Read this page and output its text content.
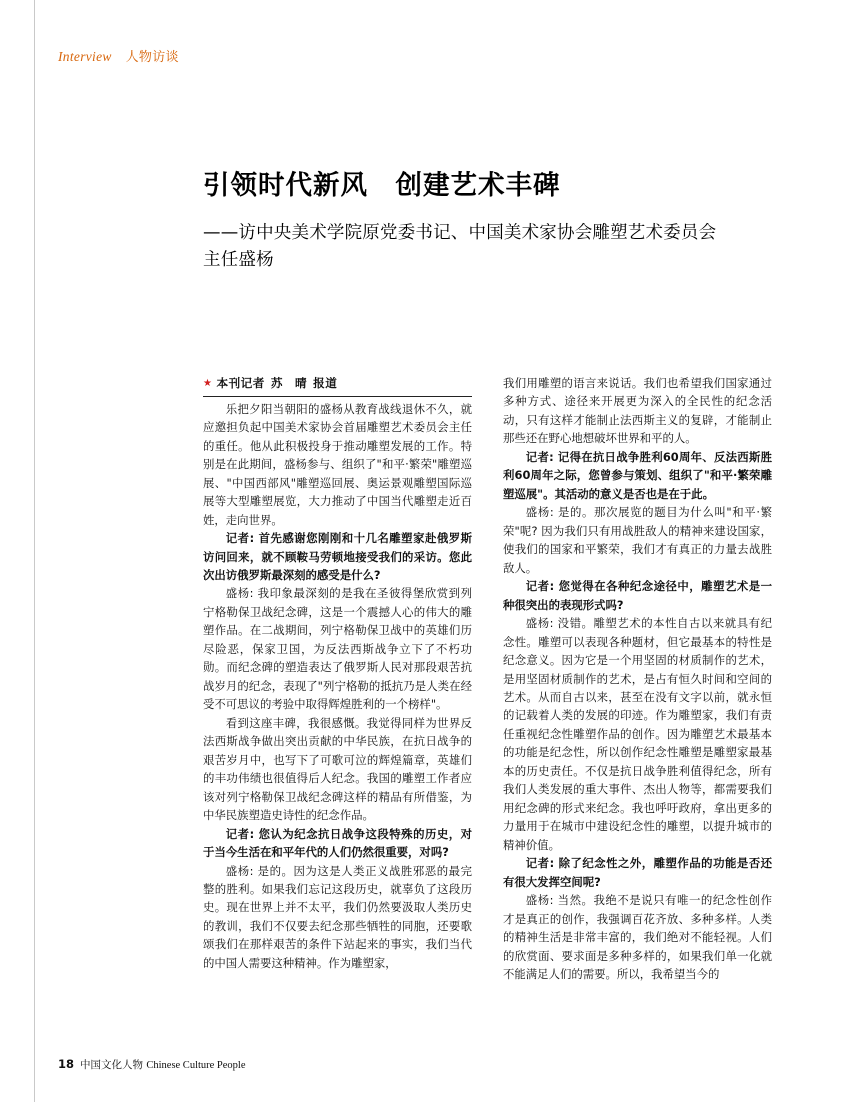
Interview 人物访谈
引领时代新风　创建艺术丰碑
——访中央美术学院原党委书记、中国美术家协会雕塑艺术委员会主任盛杨
★ 本刊记者 苏　晴 报道

乐把夕阳当朝阳的盛杨从教育战线退休不久，就应邀担负起中国美术家协会首届雕塑艺术委员会主任的重任。他从此积极投身于推动雕塑发展的工作。特别是在此期间，盛杨参与、组织了"和平·繁荣"雕塑巡展、"中国西部风"雕塑巡回展、奥运景观雕塑国际巡展等大型雕塑展览，大力推动了中国当代雕塑走近百姓，走向世界。

记者: 首先感谢您刚刚和十几名雕塑家赴俄罗斯访问回来，就不顾鞍马劳顿地接受我们的采访。您此次出访俄罗斯最深刻的感受是什么?

盛杨: 我印象最深刻的是我在圣彼得堡欣赏到列宁格勒保卫战纪念碑，这是一个震撼人心的伟大的雕塑作品。在二战期间，列宁格勒保卫战中的英雄们历尽险恶，保家卫国，为反法西斯战争立下了不朽功勋。而纪念碑的塑造表达了俄罗斯人民对那段艰苦抗战岁月的纪念，表现了"列宁格勒的抵抗乃是人类在经受不可思议的考验中取得辉煌胜利的一个榜样"。

看到这座丰碑，我很感慨。我觉得同样为世界反法西斯战争做出突出贡献的中华民族，在抗日战争的艰苦岁月中，也写下了可歌可泣的辉煌篇章，英雄们的丰功伟绩也很值得后人纪念。我国的雕塑工作者应该对列宁格勒保卫战纪念碑这样的精品有所借鉴，为中华民族塑造史诗性的纪念作品。

记者: 您认为纪念抗日战争这段特殊的历史，对于当今生活在和平年代的人们仍然很重要，对吗?

盛杨: 是的。因为这是人类正义战胜邪恶的最完整的胜利。如果我们忘记这段历史，就辜负了这段历史。现在世界上并不太平，我们仍然要汲取人类历史的教训，我们不仅要去纪念那些牺牲的同胞，还要歌颂我们在那样艰苦的条件下站起来的事实，我们当代的中国人需要这种精神。作为雕塑家，

我们用雕塑的语言来说话。我们也希望我们国家通过多种方式、途径来开展更为深入的全民性的纪念活动，只有这样才能制止法西斯主义的复辟，才能制止那些还在野心地想破坏世界和平的人。

记者: 记得在抗日战争胜利60周年、反法西斯胜利60周年之际，您曾参与策划、组织了"和平·繁荣雕塑巡展"。其活动的意义是否也是在于此。

盛杨: 是的。那次展览的题目为什么叫"和平·繁荣"呢? 因为我们只有用战胜敌人的精神来建设国家，使我们的国家和平繁荣，我们才有真正的力量去战胜敌人。

记者: 您觉得在各种纪念途径中，雕塑艺术是一种很突出的表现形式吗?

盛杨: 没错。雕塑艺术的本性自古以来就具有纪念性。雕塑可以表现各种题材，但它最基本的特性是纪念意义。因为它是一个用坚固的材质制作的艺术，是用坚固材质制作的艺术，是占有恒久时间和空间的艺术。从而自古以来，甚至在没有文字以前，就永恒的记载着人类的发展的印迹。作为雕塑家，我们有责任重视纪念性雕塑作品的创作。因为雕塑艺术最基本的功能是纪念性，所以创作纪念性雕塑是雕塑家最基本的历史责任。不仅是抗日战争胜利值得纪念，所有我们人类发展的重大事件、杰出人物等，都需要我们用纪念碑的形式来纪念。我也呼吁政府，拿出更多的力量用于在城市中建设纪念性的雕塑，以提升城市的精神价值。

记者: 除了纪念性之外，雕塑作品的功能是否还有很大发挥空间呢?

盛杨: 当然。我绝不是说只有唯一的纪念性创作才是真正的创作，我强调百花齐放、多种多样。人类的精神生活是非常丰富的，我们绝对不能轻视。人们的欣赏面、要求面是多种多样的，如果我们单一化就不能满足人们的需要。所以，我希望当今的

18 中国文化人物 Chinese Culture People
